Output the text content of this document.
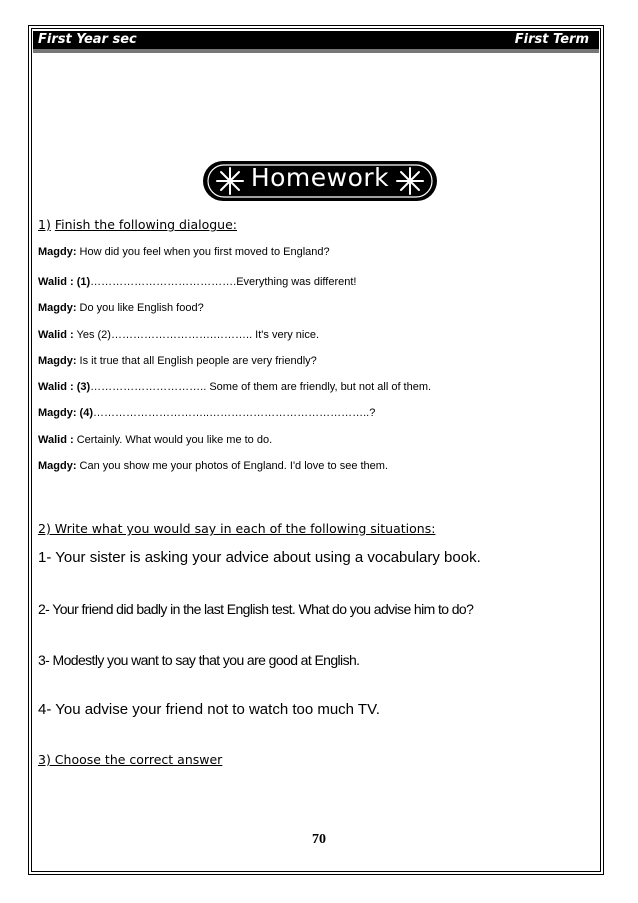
First Year sec	First Term
Homework
1) Finish the following dialogue:
Magdy: How did you feel when you first moved to England?
Walid : (1)………………………………….Everything was different!
Magdy: Do you like English food?
Walid : Yes (2)……………………….……….. It's very nice.
Magdy: Is it true that all English people are very friendly?
Walid : (3)………………………….. Some of them are friendly, but not all of them.
Magdy: (4)…………………………..……………………………………..?
Walid : Certainly. What would you like me to do.
Magdy: Can you show me your photos of England. I'd love to see them.
2) Write what you would say in each of the following situations:
1- Your sister is asking your advice about using a vocabulary book.
2- Your friend did badly in the last English test. What do you advise him to do?
3- Modestly you want to say that you are good at English.
4- You advise your friend not to watch too much TV.
3) Choose the correct answer
70
